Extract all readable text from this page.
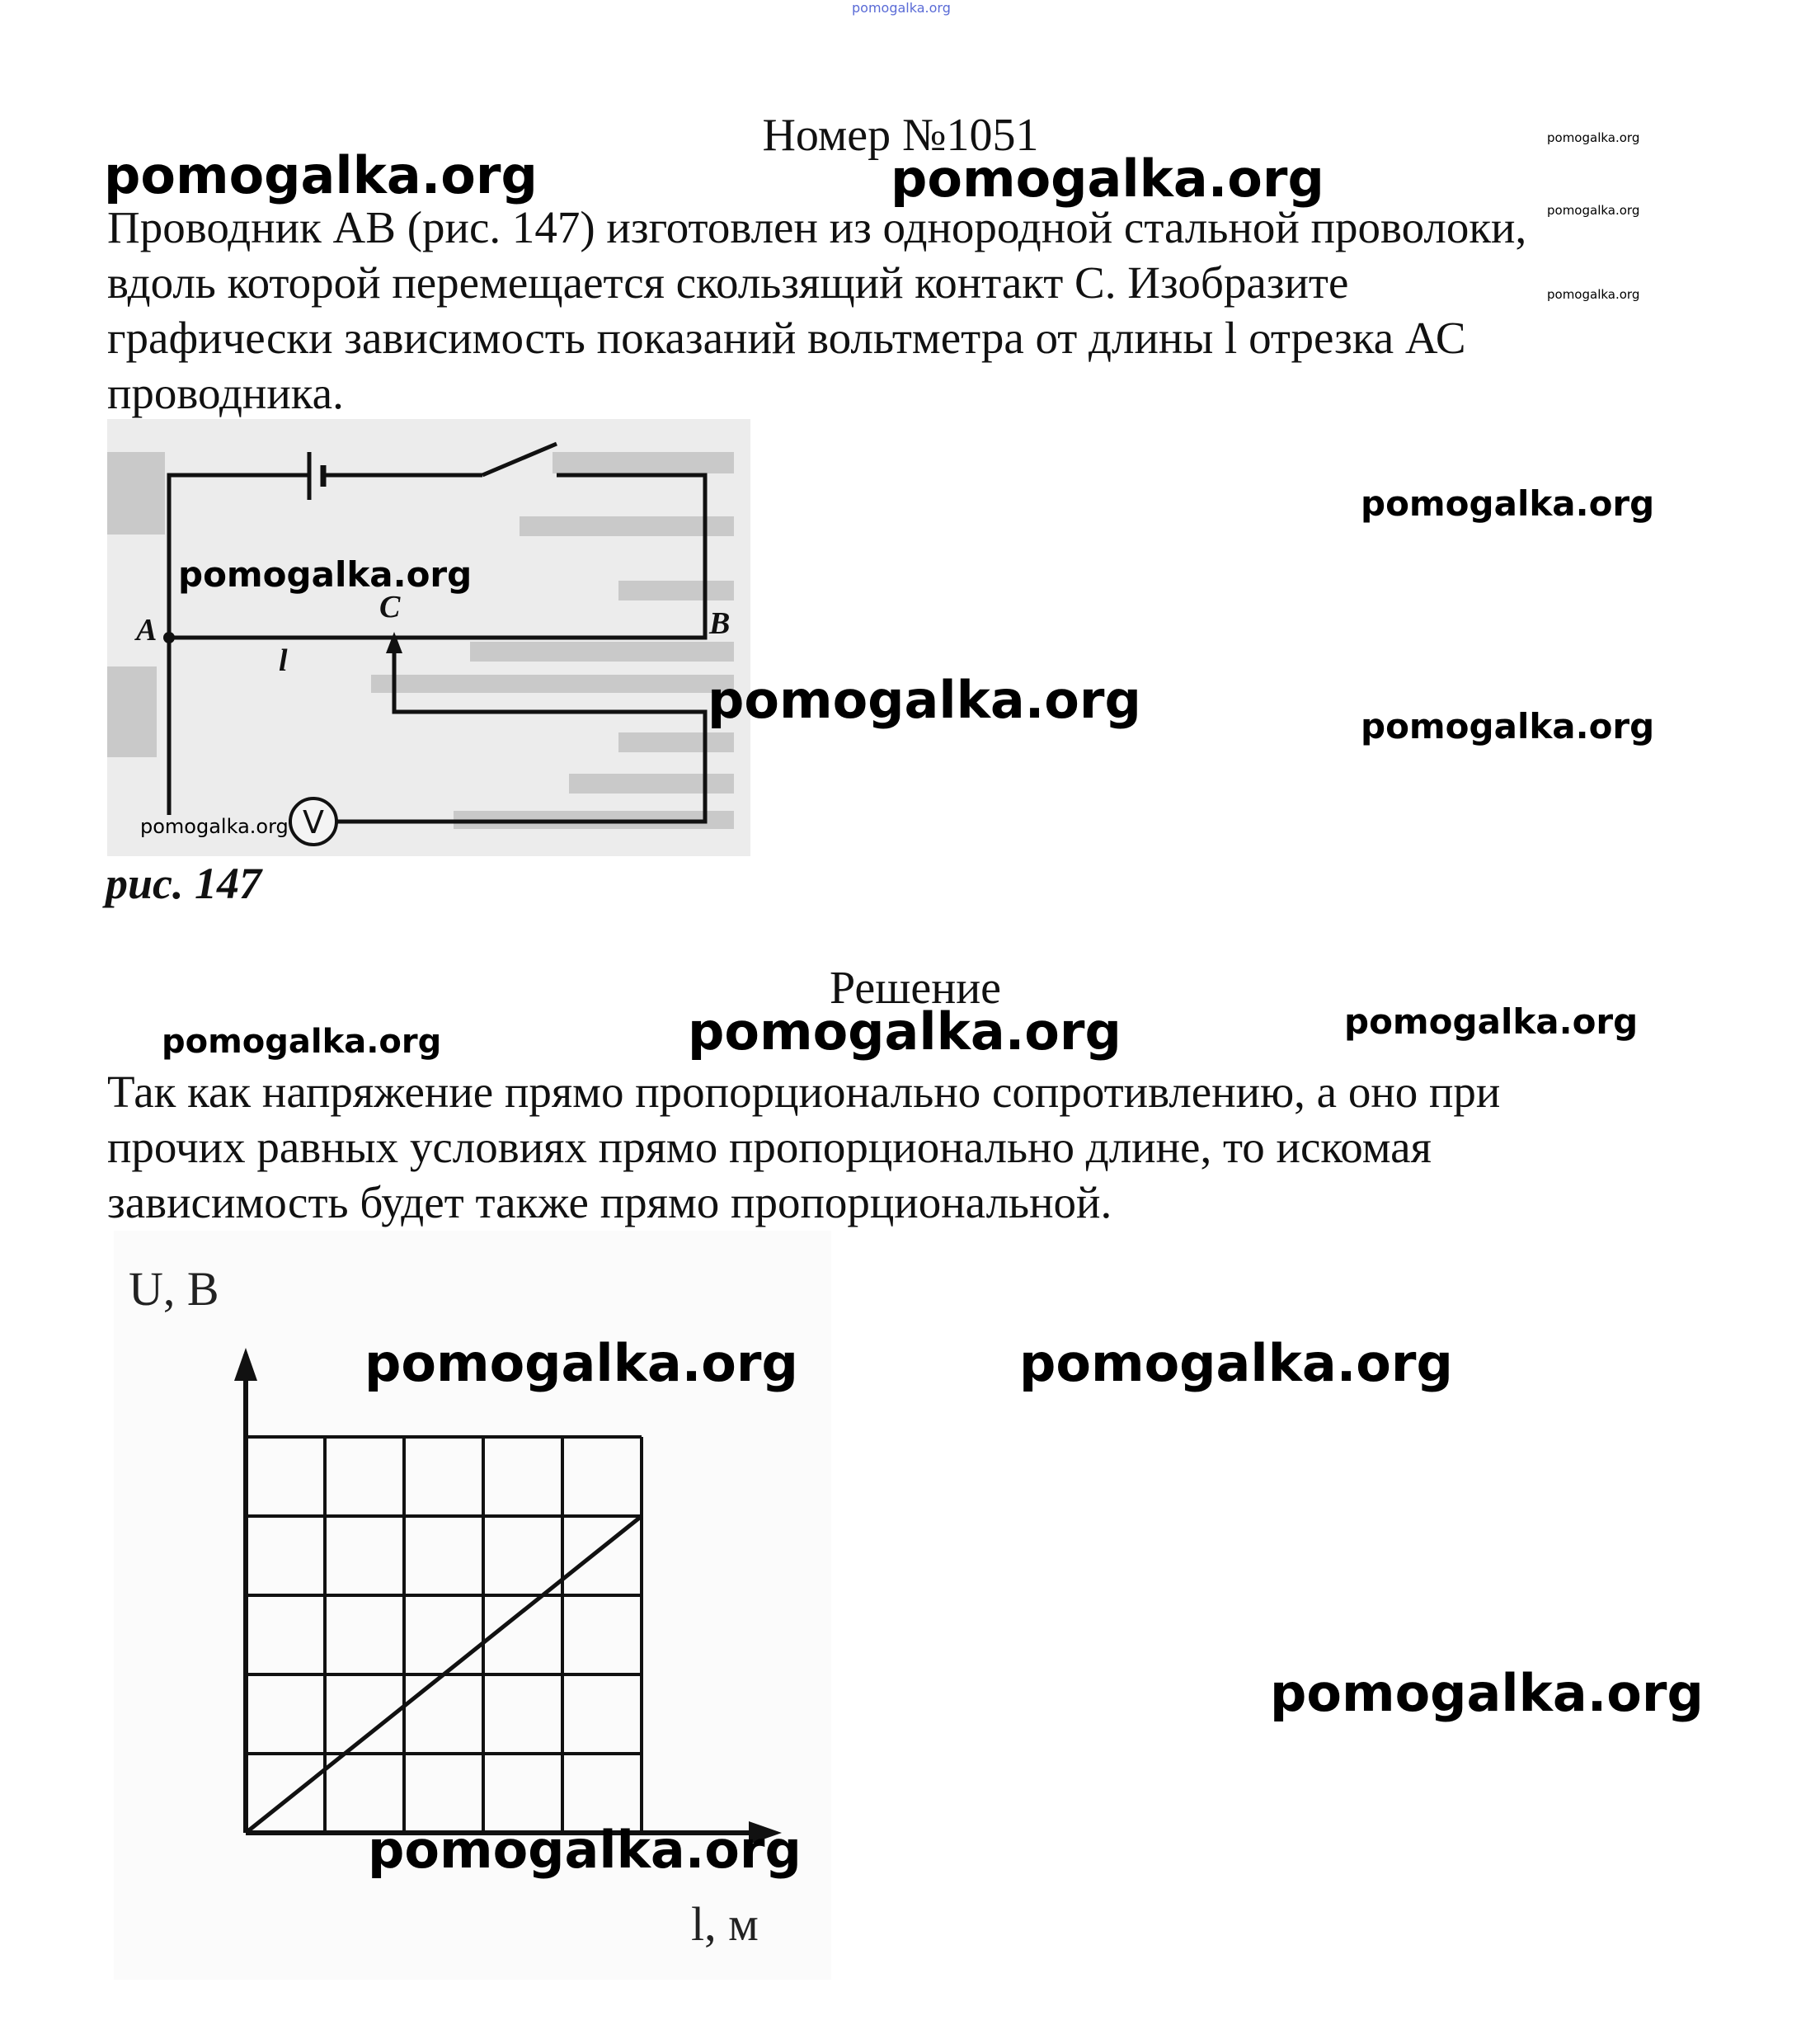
pomogalka.org
Номер №1051
Проводник АВ (рис. 147) изготовлен из однородной стальной проволоки,
вдоль которой перемещается скользящий контакт С. Изобразите
графически зависимость показаний вольтметра от длины l отрезка АС
проводника.
V
A	B
C
l
рис. 147
Решение
Так как напряжение прямо пропорционально сопротивлению, а оно при
прочих равных условиях прямо пропорционально длине, то искомая
зависимость будет также прямо пропорциональной.
U, В
l, м
pomogalka.org	pomogalka.org
pomogalka.org
pomogalka.org
pomogalka.org
pomogalka.org
pomogalka.org
pomogalka.org	pomogalka.org
pomogalka.org
pomogalka.org	pomogalka.org	pomogalka.org
pomogalka.org	pomogalka.org
pomogalka.org
pomogalka.org
